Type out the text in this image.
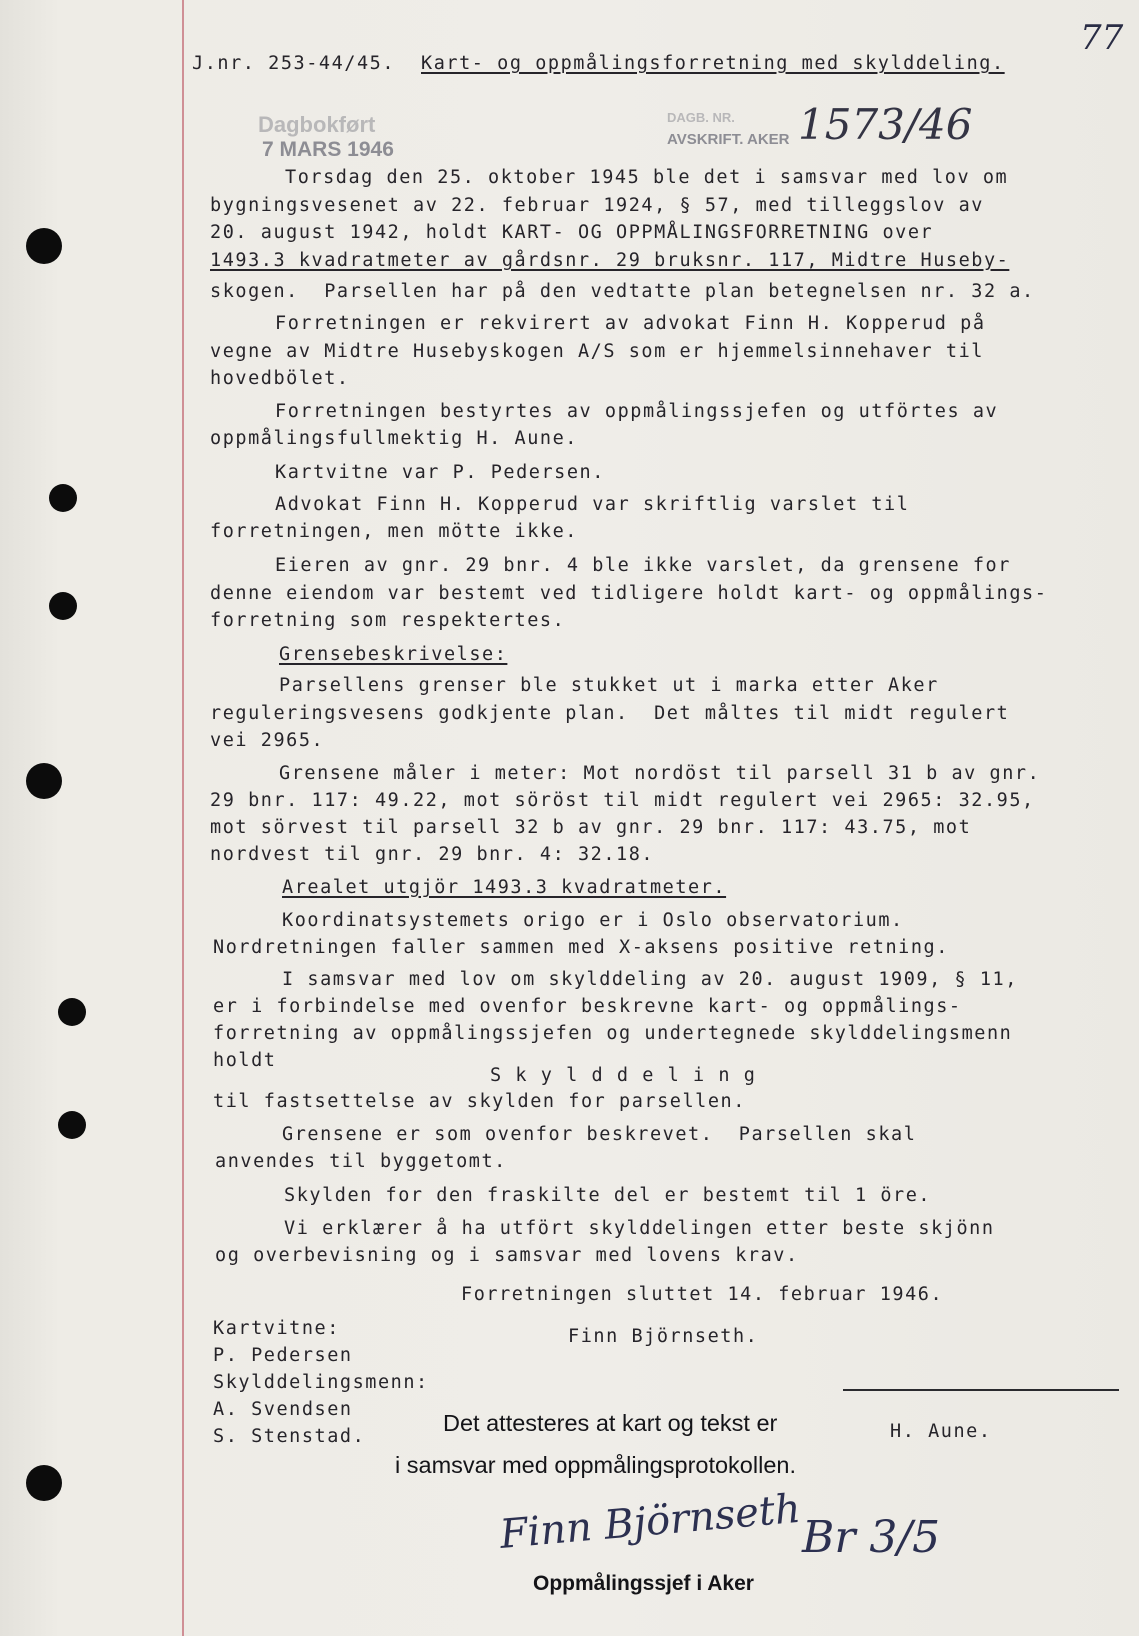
77
J.nr. 253-44/45. Kart- og oppmålingsforretning med skylddeling.
Dagbokført
7 MARS 1946
DAGB. NR.
AVSKRIFT. AKER 1573/46
Torsdag den 25. oktober 1945 ble det i samsvar med lov om
bygningsvesenet av 22. februar 1924, § 57, med tilleggslov av
20. august 1942, holdt KART- OG OPPMÅLINGSFORRETNING over
1493.3 kvadratmeter av gårdsnr. 29 bruksnr. 117, Midtre Huseby-
skogen.  Parsellen har på den vedtatte plan betegnelsen nr. 32 a.
Forretningen er rekvirert av advokat Finn H. Kopperud på
vegne av Midtre Husebyskogen A/S som er hjemmelsinnehaver til
hovedbölet.
Forretningen bestyrtes av oppmålingssjefen og utförtes av
oppmålingsfullmektig H. Aune.
Kartvitne var P. Pedersen.
Advokat Finn H. Kopperud var skriftlig varslet til
forretningen, men mötte ikke.
Eieren av gnr. 29 bnr. 4 ble ikke varslet, da grensene for
denne eiendom var bestemt ved tidligere holdt kart- og oppmålings-
forretning som respektertes.
Grensebeskrivelse:
Parsellens grenser ble stukket ut i marka etter Aker
reguleringsvesens godkjente plan.  Det måltes til midt regulert
vei 2965.
Grensene måler i meter: Mot nordöst til parsell 31 b av gnr.
29 bnr. 117: 49.22, mot söröst til midt regulert vei 2965: 32.95,
mot sörvest til parsell 32 b av gnr. 29 bnr. 117: 43.75, mot
nordvest til gnr. 29 bnr. 4: 32.18.
Arealet utgjör 1493.3 kvadratmeter.
Koordinatsystemets origo er i Oslo observatorium.
Nordretningen faller sammen med X-aksens positive retning.
I samsvar med lov om skylddeling av 20. august 1909, § 11,
er i forbindelse med ovenfor beskrevne kart- og oppmålings-
forretning av oppmålingssjefen og undertegnede skylddelingsmenn
holdt
S k y l d d e l i n g
til fastsettelse av skylden for parsellen.
Grensene er som ovenfor beskrevet.  Parsellen skal
anvendes til byggetomt.
Skylden for den fraskilte del er bestemt til 1 öre.
Vi erklærer å ha utfört skylddelingen etter beste skjönn
og overbevisning og i samsvar med lovens krav.
Forretningen sluttet 14. februar 1946.
Finn Björnseth.
Kartvitne:
P. Pedersen
Skylddelingsmenn:
A. Svendsen
S. Stenstad.	H. Aune.
Det attesteres at kart og tekst er
i samsvar med oppmålingsprotokollen.
Finn Björnseth Br 3/5
Oppmålingssjef i Aker
